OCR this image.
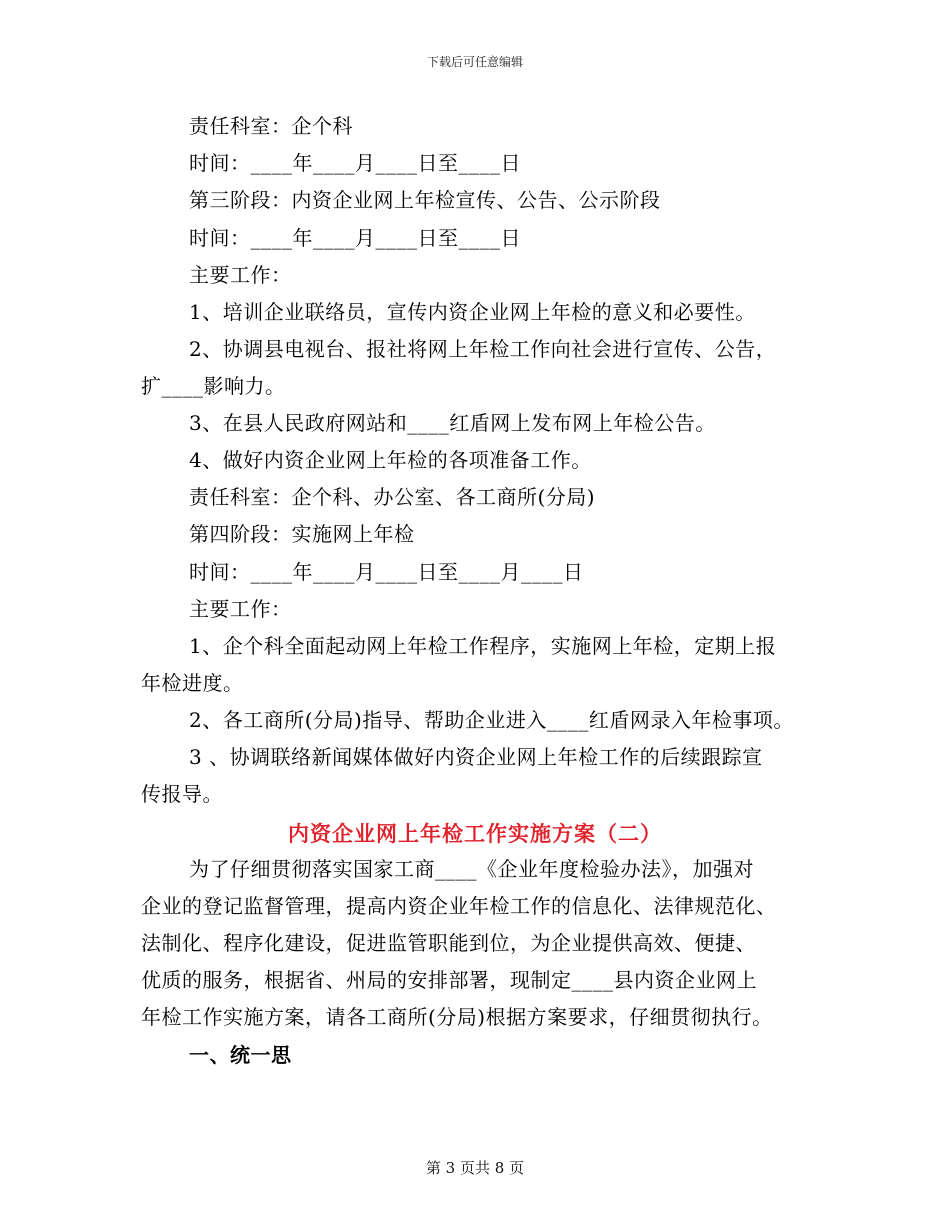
下载后可任意编辑
责任科室：企个科
时间：____年____月____日至____日
第三阶段：内资企业网上年检宣传、公告、公示阶段
时间：____年____月____日至____日
主要工作：
1、培训企业联络员，宣传内资企业网上年检的意义和必要性。
2、协调县电视台、报社将网上年检工作向社会进行宣传、公告，
扩____影响力。
3、在县人民政府网站和____红盾网上发布网上年检公告。
4、做好内资企业网上年检的各项准备工作。
责任科室：企个科、办公室、各工商所(分局)
第四阶段：实施网上年检
时间：____年____月____日至____月____日
主要工作：
1、企个科全面起动网上年检工作程序，实施网上年检，定期上报
年检进度。
2、各工商所(分局)指导、帮助企业进入____红盾网录入年检事项。
3 、协调联络新闻媒体做好内资企业网上年检工作的后续跟踪宣
传报导。
内资企业网上年检工作实施方案（二）
为了仔细贯彻落实国家工商____《企业年度检验办法》，加强对
企业的登记监督管理，提高内资企业年检工作的信息化、法律规范化、
法制化、程序化建设，促进监管职能到位，为企业提供高效、便捷、
优质的服务，根据省、州局的安排部署，现制定____县内资企业网上
年检工作实施方案，请各工商所(分局)根据方案要求，仔细贯彻执行。
一、统一思
第 3 页共 8 页
